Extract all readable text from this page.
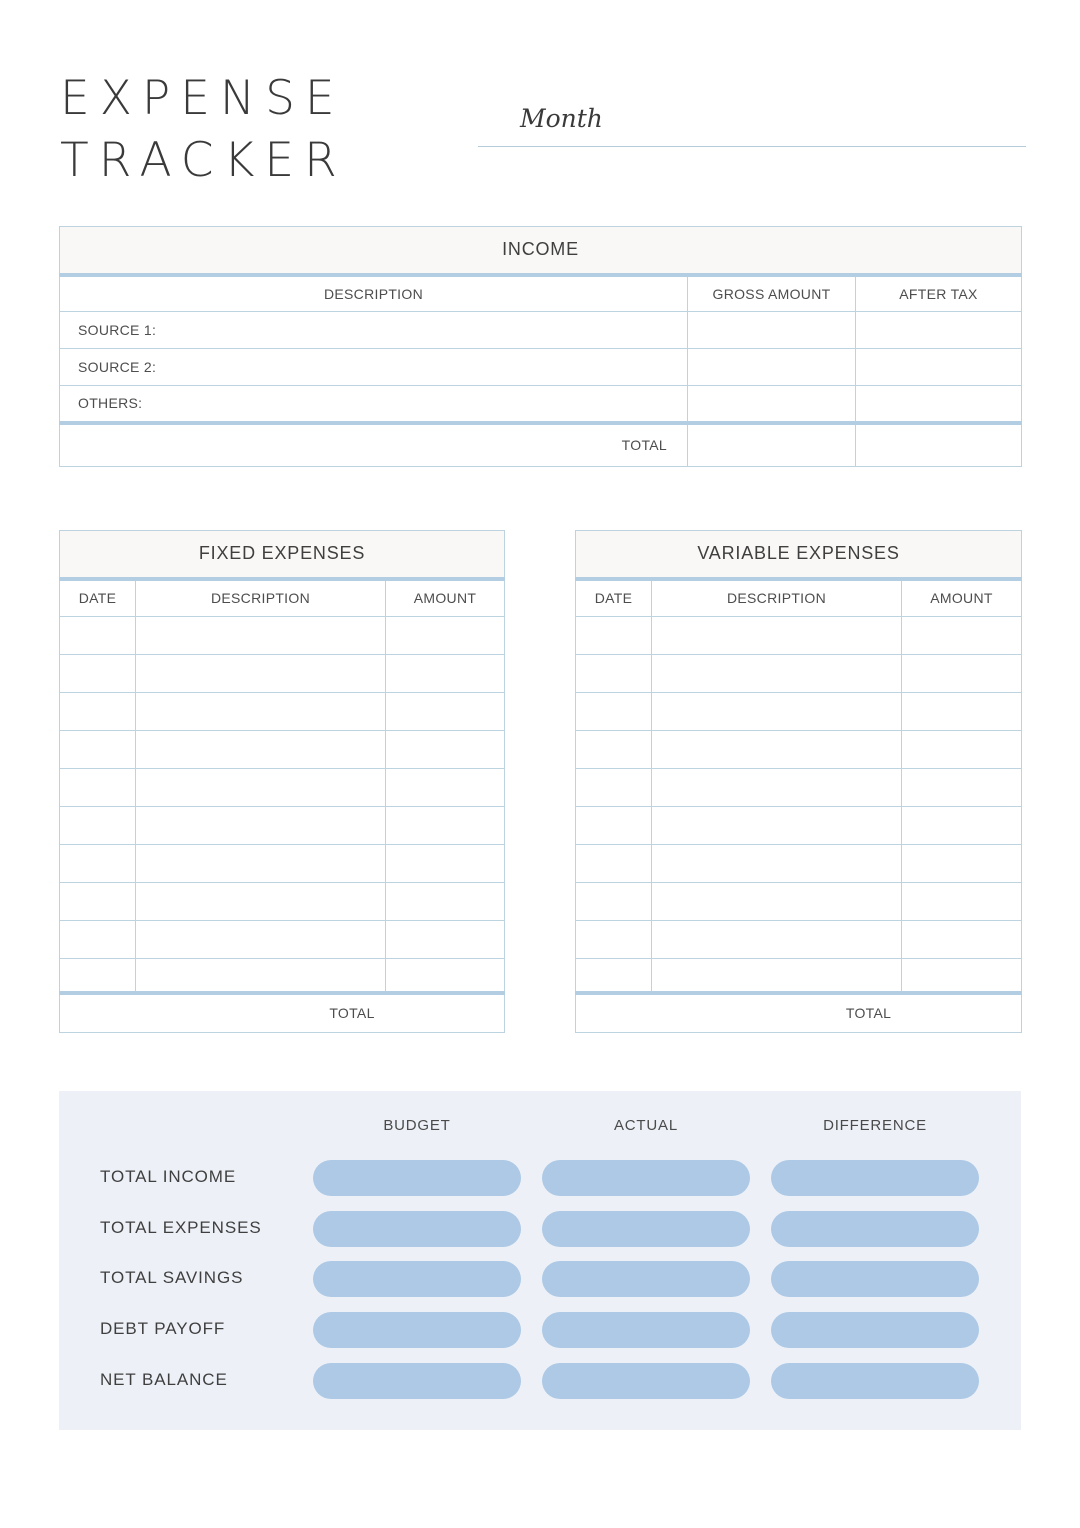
EXPENSE
TRACKER
Month
INCOME		
DESCRIPTION	GROSS AMOUNT	AFTER TAX
SOURCE 1:		
SOURCE 2:		
OTHERS:		
TOTAL		
FIXED EXPENSES		
DATE	DESCRIPTION	AMOUNT

TOTAL		
VARIABLE EXPENSES		
DATE	DESCRIPTION	AMOUNT

TOTAL		
BUDGET	ACTUAL	DIFFERENCE
TOTAL INCOME
TOTAL EXPENSES
TOTAL SAVINGS
DEBT PAYOFF
NET BALANCE
